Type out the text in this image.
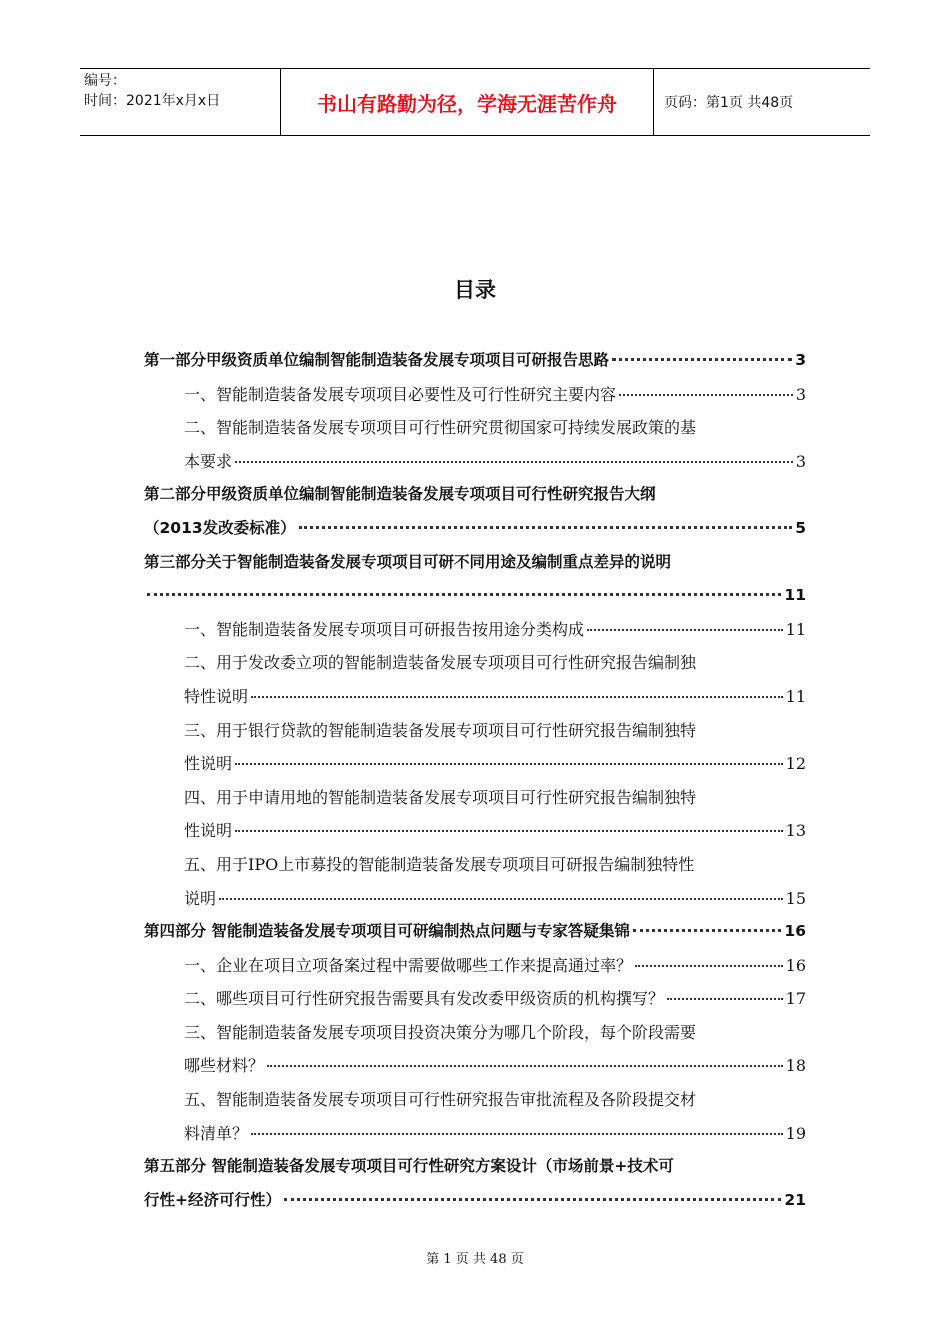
编号：
时间：2021年x月x日	书山有路勤为径，学海无涯苦作舟	页码：第1页 共48页
目录
第一部分甲级资质单位编制智能制造装备发展专项项目可研报告思路	3
一、智能制造装备发展专项项目必要性及可行性研究主要内容	3
二、智能制造装备发展专项项目可行性研究贯彻国家可持续发展政策的基
本要求	3
第二部分甲级资质单位编制智能制造装备发展专项项目可行性研究报告大纲
（2013发改委标准）	5
第三部分关于智能制造装备发展专项项目可研不同用途及编制重点差异的说明
11
一、智能制造装备发展专项项目可研报告按用途分类构成	11
二、用于发改委立项的智能制造装备发展专项项目可行性研究报告编制独
特性说明	11
三、用于银行贷款的智能制造装备发展专项项目可行性研究报告编制独特
性说明	12
四、用于申请用地的智能制造装备发展专项项目可行性研究报告编制独特
性说明	13
五、用于IPO上市募投的智能制造装备发展专项项目可研报告编制独特性
说明	15
第四部分 智能制造装备发展专项项目可研编制热点问题与专家答疑集锦	16
一、企业在项目立项备案过程中需要做哪些工作来提高通过率？	16
二、哪些项目可行性研究报告需要具有发改委甲级资质的机构撰写？	17
三、智能制造装备发展专项项目投资决策分为哪几个阶段，每个阶段需要
哪些材料？	18
五、智能制造装备发展专项项目可行性研究报告审批流程及各阶段提交材
料清单？	19
第五部分 智能制造装备发展专项项目可行性研究方案设计（市场前景+技术可
行性+经济可行性）	21
第 1 页 共 48 页
